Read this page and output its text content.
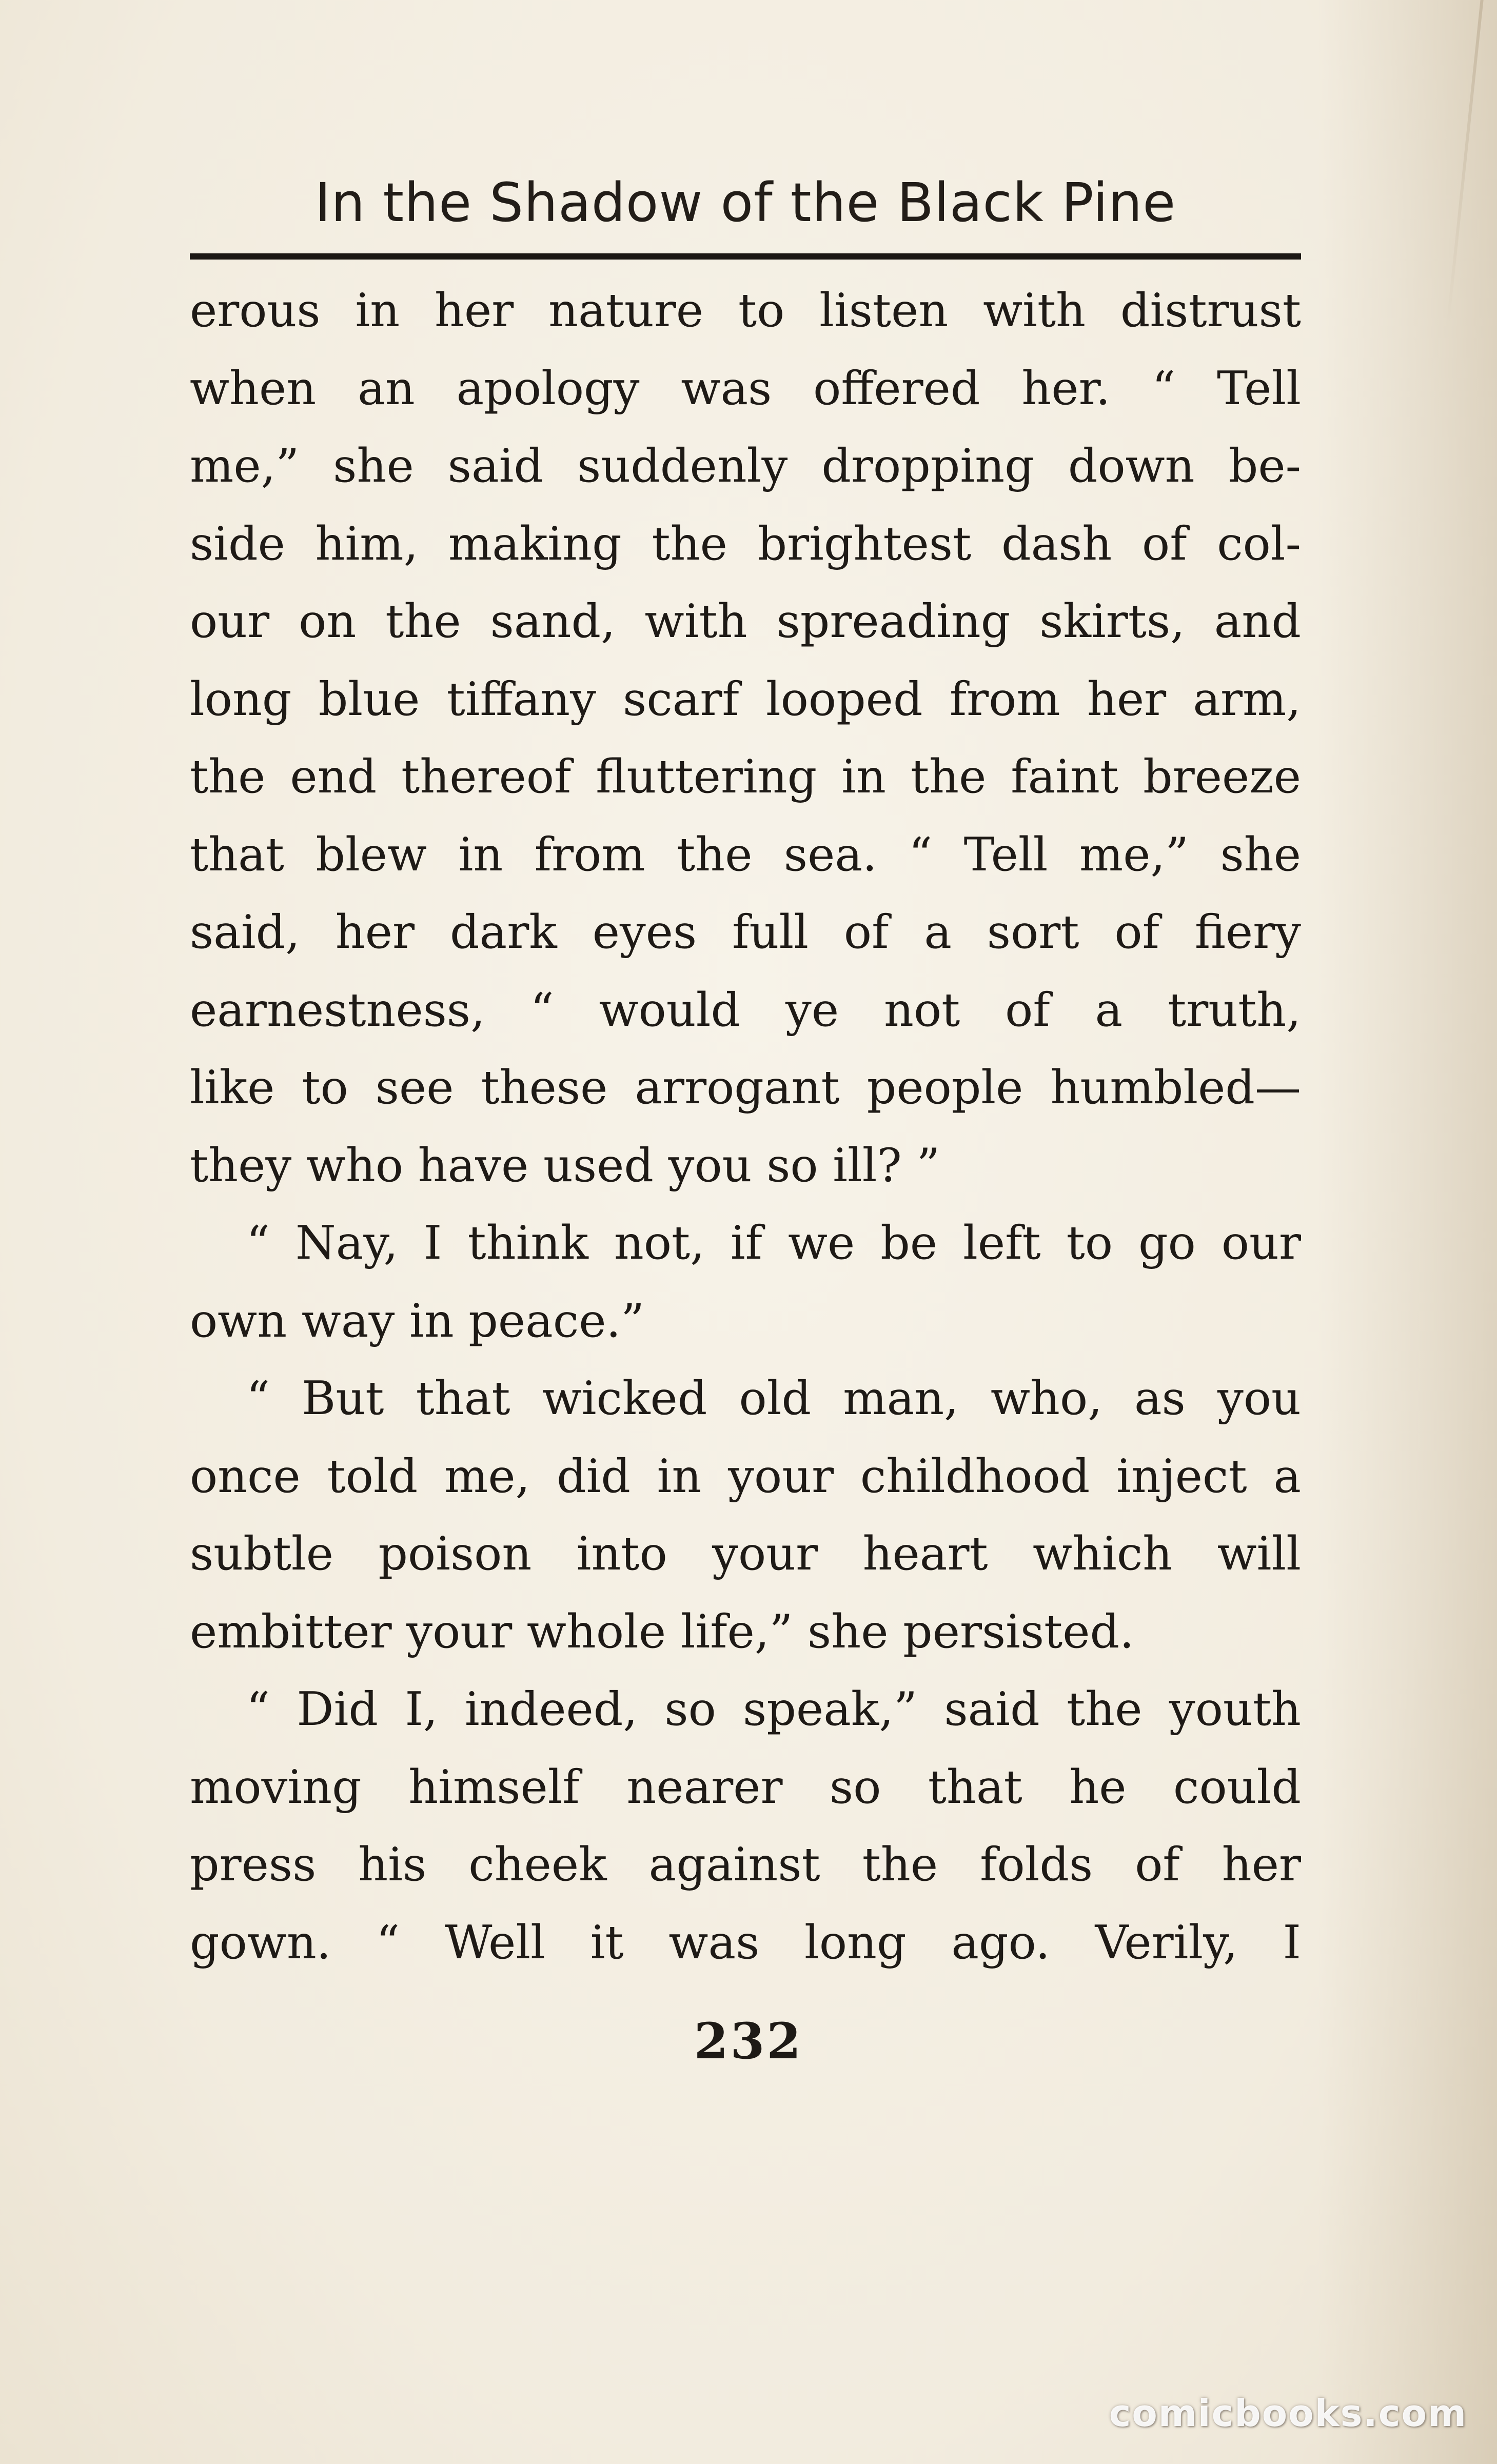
In the Shadow of the Black Pine
erous in her nature to listen with distrust
when an apology was offered her. “ Tell
me,” she said suddenly dropping down be-
side him, making the brightest dash of col-
our on the sand, with spreading skirts, and
long blue tiffany scarf looped from her arm,
the end thereof fluttering in the faint breeze
that blew in from the sea. “ Tell me,” she
said, her dark eyes full of a sort of fiery
earnestness, “ would ye not of a truth,
like to see these arrogant people humbled—
they who have used you so ill? ”
“ Nay, I think not, if we be left to go our
own way in peace.”
“ But that wicked old man, who, as you
once told me, did in your childhood inject a
subtle poison into your heart which will
embitter your whole life,” she persisted.
“ Did I, indeed, so speak,” said the youth
moving himself nearer so that he could
press his cheek against the folds of her
gown. “ Well it was long ago. Verily, I
232
comicbooks.com
